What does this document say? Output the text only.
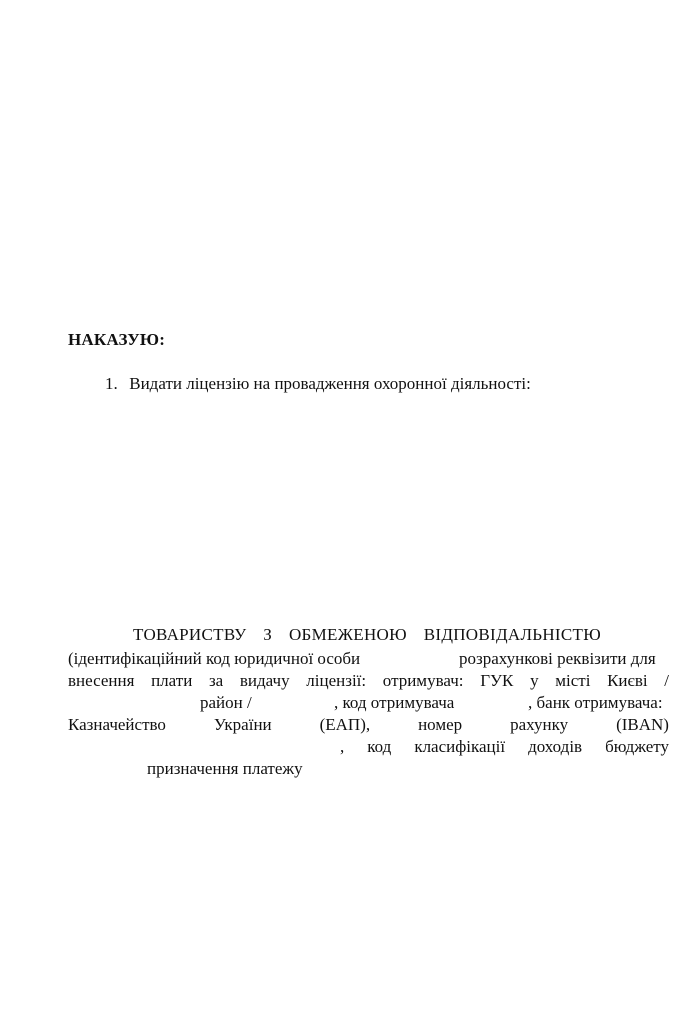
НАКАЗУЮ:
1. Видати ліцензію на провадження охоронної діяльності:
ТОВАРИСТВУ З ОБМЕЖЕНОЮ ВІДПОВІДАЛЬНІСТЮ
(ідентифікаційний код юридичної особи	розрахункові реквізити для
внесення плати за видачу ліцензії: отримувач: ГУК у місті Києві /
район /	, код отримувача	, банк отримувача:
Казначейство	України	(ЕАП),	номер	рахунку	(IBAN)
, код класифікації доходів бюджету
призначення платежу
